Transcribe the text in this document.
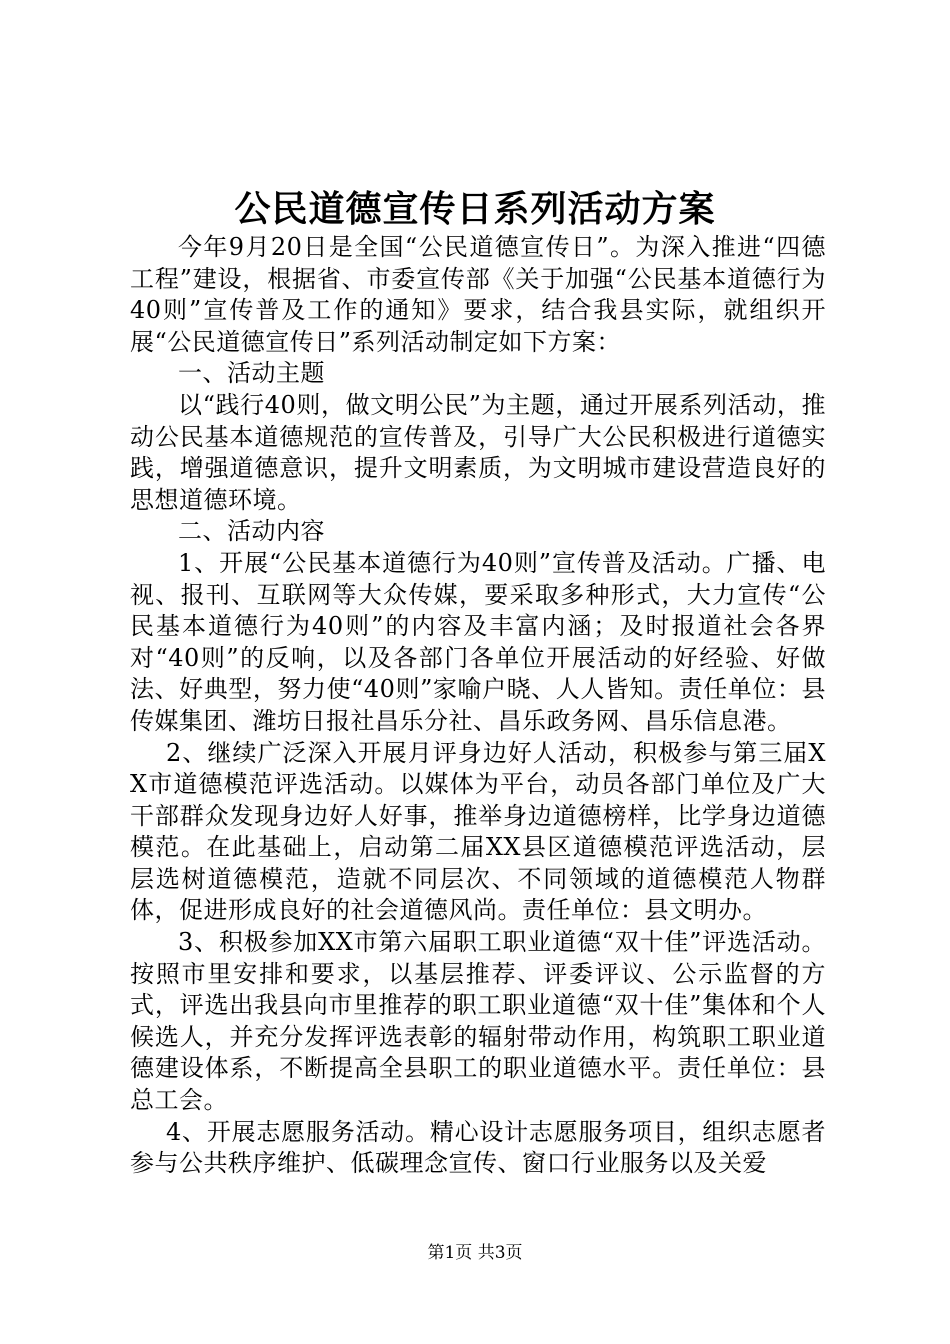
公民道德宣传日系列活动方案

今年9月20日是全国“公民道德宣传日”。为深入推进“四德工程”建设，根据省、市委宣传部《关于加强“公民基本道德行为40则”宣传普及工作的通知》要求，结合我县实际，就组织开展“公民道德宣传日”系列活动制定如下方案：

一、活动主题

以“践行40则，做文明公民”为主题，通过开展系列活动，推动公民基本道德规范的宣传普及，引导广大公民积极进行道德实践，增强道德意识，提升文明素质，为文明城市建设营造良好的思想道德环境。

二、活动内容

1、开展“公民基本道德行为40则”宣传普及活动。广播、电视、报刊、互联网等大众传媒，要采取多种形式，大力宣传“公民基本道德行为40则”的内容及丰富内涵；及时报道社会各界对“40则”的反响，以及各部门各单位开展活动的好经验、好做法、好典型，努力使“40则”家喻户晓、人人皆知。责任单位：县传媒集团、潍坊日报社昌乐分社、昌乐政务网、昌乐信息港。

2、继续广泛深入开展月评身边好人活动，积极参与第三届XX市道德模范评选活动。以媒体为平台，动员各部门单位及广大干部群众发现身边好人好事，推举身边道德榜样，比学身边道德模范。在此基础上，启动第二届XX县区道德模范评选活动，层层选树道德模范，造就不同层次、不同领域的道德模范人物群体，促进形成良好的社会道德风尚。责任单位：县文明办。

3、积极参加XX市第六届职工职业道德“双十佳”评选活动。按照市里安排和要求，以基层推荐、评委评议、公示监督的方式，评选出我县向市里推荐的职工职业道德“双十佳”集体和个人候选人，并充分发挥评选表彰的辐射带动作用，构筑职工职业道德建设体系，不断提高全县职工的职业道德水平。责任单位：县总工会。

4、开展志愿服务活动。精心设计志愿服务项目，组织志愿者参与公共秩序维护、低碳理念宣传、窗口行业服务以及关爱

第1页 共3页
